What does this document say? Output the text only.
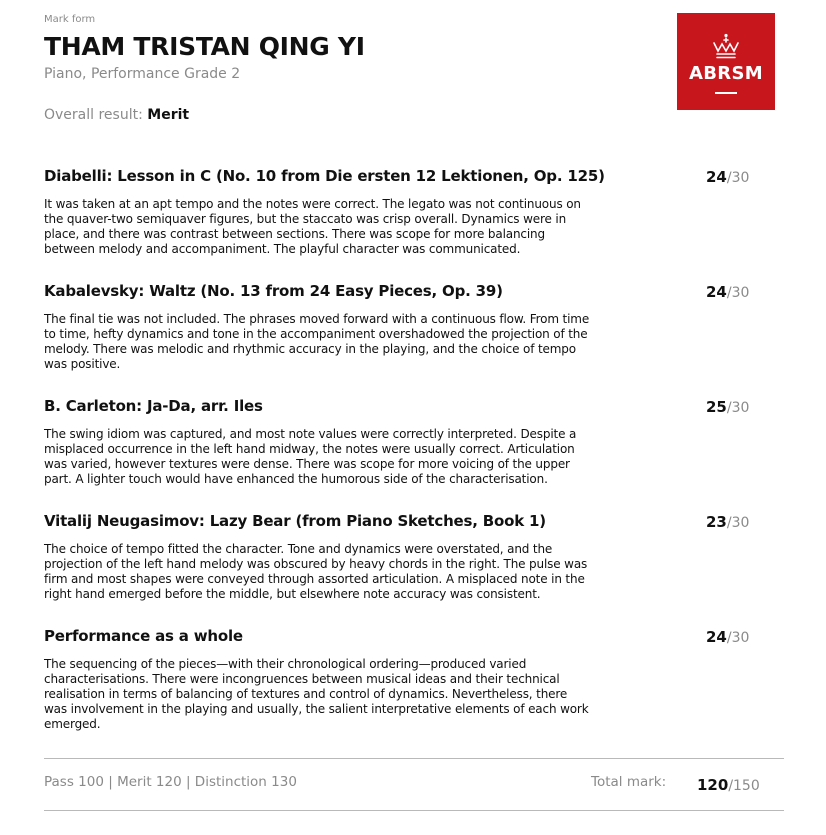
Mark form
THAM TRISTAN QING YI
Piano, Performance Grade 2
Overall result: Merit
ABRSM
Diabelli: Lesson in C (No. 10 from Die ersten 12 Lektionen, Op. 125)	24/30
It was taken at an apt tempo and the notes were correct. The legato was not continuous on the quaver-two semiquaver figures, but the staccato was crisp overall. Dynamics were in place, and there was contrast between sections. There was scope for more balancing between melody and accompaniment. The playful character was communicated.
Kabalevsky: Waltz (No. 13 from 24 Easy Pieces, Op. 39)	24/30
The final tie was not included. The phrases moved forward with a continuous flow. From time to time, hefty dynamics and tone in the accompaniment overshadowed the projection of the melody. There was melodic and rhythmic accuracy in the playing, and the choice of tempo was positive.
B. Carleton: Ja-Da, arr. Iles	25/30
The swing idiom was captured, and most note values were correctly interpreted. Despite a misplaced occurrence in the left hand midway, the notes were usually correct. Articulation was varied, however textures were dense. There was scope for more voicing of the upper part. A lighter touch would have enhanced the humorous side of the characterisation.
Vitalij Neugasimov: Lazy Bear (from Piano Sketches, Book 1)	23/30
The choice of tempo fitted the character. Tone and dynamics were overstated, and the projection of the left hand melody was obscured by heavy chords in the right. The pulse was firm and most shapes were conveyed through assorted articulation. A misplaced note in the right hand emerged before the middle, but elsewhere note accuracy was consistent.
Performance as a whole	24/30
The sequencing of the pieces—with their chronological ordering—produced varied characterisations. There were incongruences between musical ideas and their technical realisation in terms of balancing of textures and control of dynamics. Nevertheless, there was involvement in the playing and usually, the salient interpretative elements of each work emerged.
Pass 100 | Merit 120 | Distinction 130	Total mark: 120/150
